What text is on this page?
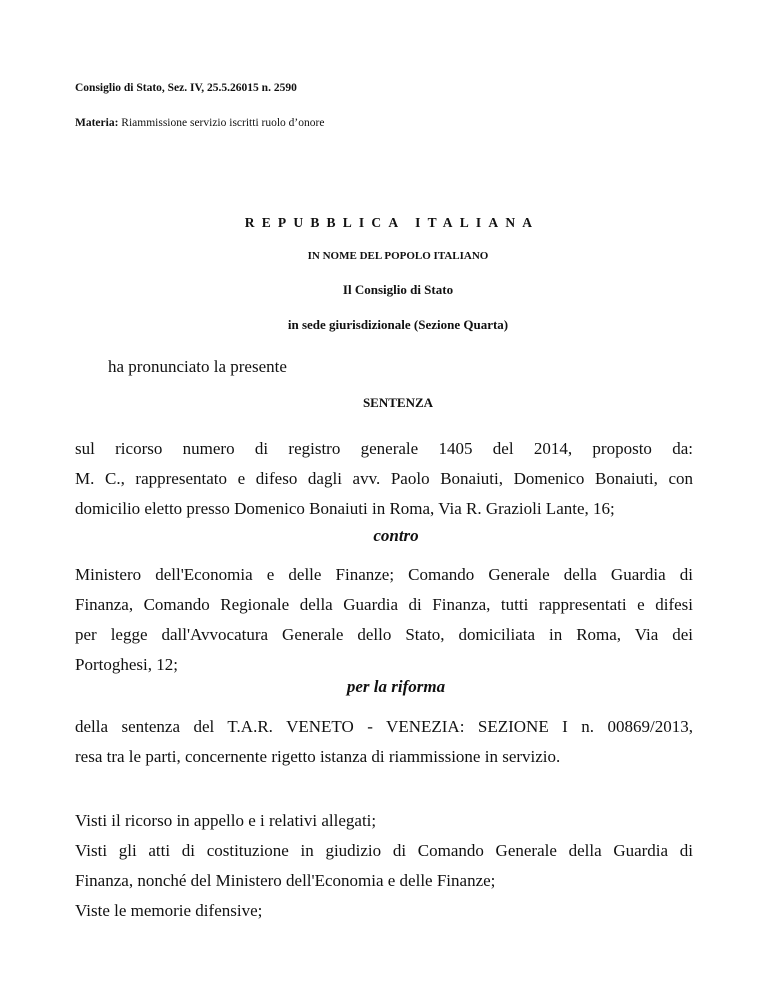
Consiglio di Stato, Sez. IV, 25.5.26015 n. 2590
Materia: Riammissione servizio iscritti ruolo d’onore
REPUBBLICA ITALIANA
IN NOME DEL POPOLO ITALIANO
Il Consiglio di Stato
in sede giurisdizionale (Sezione Quarta)
ha pronunciato la presente
SENTENZA
sul ricorso numero di registro generale 1405 del 2014, proposto da:
M. C., rappresentato e difeso dagli avv. Paolo Bonaiuti, Domenico Bonaiuti, con
domicilio eletto presso Domenico Bonaiuti in Roma, Via R. Grazioli Lante, 16;
contro
Ministero dell'Economia e delle Finanze; Comando Generale della Guardia di
Finanza, Comando Regionale della Guardia di Finanza, tutti rappresentati e difesi
per legge dall'Avvocatura Generale dello Stato, domiciliata in Roma, Via dei
Portoghesi, 12;
per la riforma
della sentenza del T.A.R. VENETO - VENEZIA: SEZIONE I n. 00869/2013,
resa tra le parti, concernente rigetto istanza di riammissione in servizio.
Visti il ricorso in appello e i relativi allegati;
Visti gli atti di costituzione in giudizio di Comando Generale della Guardia di
Finanza, nonché del Ministero dell'Economia e delle Finanze;
Viste le memorie difensive;
